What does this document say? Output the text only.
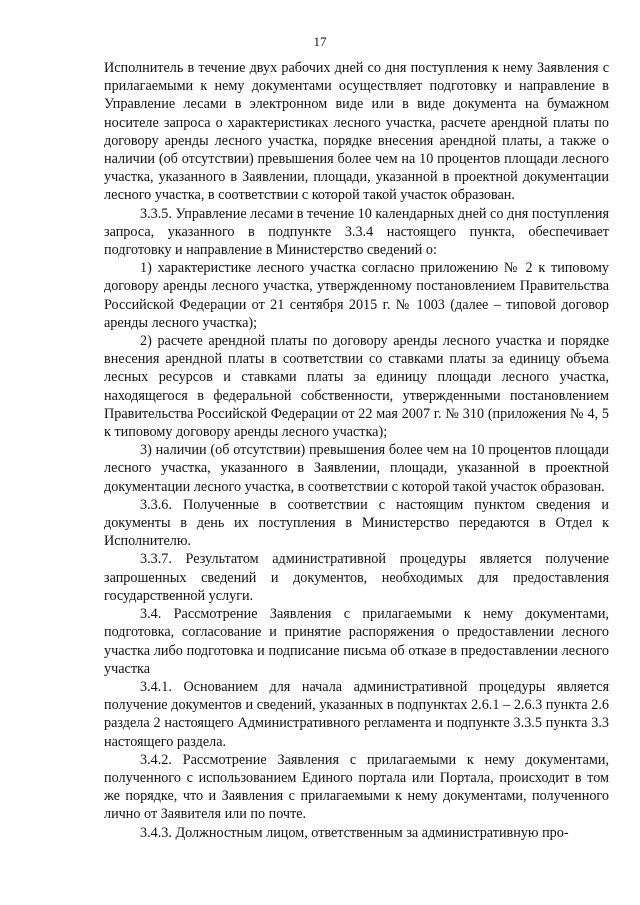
17

Исполнитель в течение двух рабочих дней со дня поступления к нему Заявления с прилагаемыми к нему документами осуществляет подготовку и направление в Управление лесами в электронном виде или в виде документа на бумажном носителе запроса о характеристиках лесного участка, расчете арендной платы по договору аренды лесного участка, порядке внесения арендной платы, а также о наличии (об отсутствии) превышения более чем на 10 процентов площади лесного участка, указанного в Заявлении, площади, указанной в проектной документации лесного участка, в соответствии с которой такой участок образован.

3.3.5. Управление лесами в течение 10 календарных дней со дня поступления запроса, указанного в подпункте 3.3.4 настоящего пункта, обеспечивает подготовку и направление в Министерство сведений о:

1) характеристике лесного участка согласно приложению № 2 к типовому договору аренды лесного участка, утвержденному постановлением Правительства Российской Федерации от 21 сентября 2015 г. № 1003 (далее – типовой договор аренды лесного участка);

2) расчете арендной платы по договору аренды лесного участка и порядке внесения арендной платы в соответствии со ставками платы за единицу объема лесных ресурсов и ставками платы за единицу площади лесного участка, находящегося в федеральной собственности, утвержденными постановлением Правительства Российской Федерации от 22 мая 2007 г. № 310 (приложения № 4, 5 к типовому договору аренды лесного участка);

3) наличии (об отсутствии) превышения более чем на 10 процентов площади лесного участка, указанного в Заявлении, площади, указанной в проектной документации лесного участка, в соответствии с которой такой участок образован.

3.3.6. Полученные в соответствии с настоящим пунктом сведения и документы в день их поступления в Министерство передаются в Отдел к Исполнителю.

3.3.7. Результатом административной процедуры является получение запрошенных сведений и документов, необходимых для предоставления государственной услуги.

3.4. Рассмотрение Заявления с прилагаемыми к нему документами, подготовка, согласование и принятие распоряжения о предоставлении лесного участка либо подготовка и подписание письма об отказе в предоставлении лесного участка

3.4.1. Основанием для начала административной процедуры является получение документов и сведений, указанных в подпунктах 2.6.1 – 2.6.3 пункта 2.6 раздела 2 настоящего Административного регламента и подпункте 3.3.5 пункта 3.3 настоящего раздела.

3.4.2. Рассмотрение Заявления с прилагаемыми к нему документами, полученного с использованием Единого портала или Портала, происходит в том же порядке, что и Заявления с прилагаемыми к нему документами, полученного лично от Заявителя или по почте.

3.4.3. Должностным лицом, ответственным за административную про-
